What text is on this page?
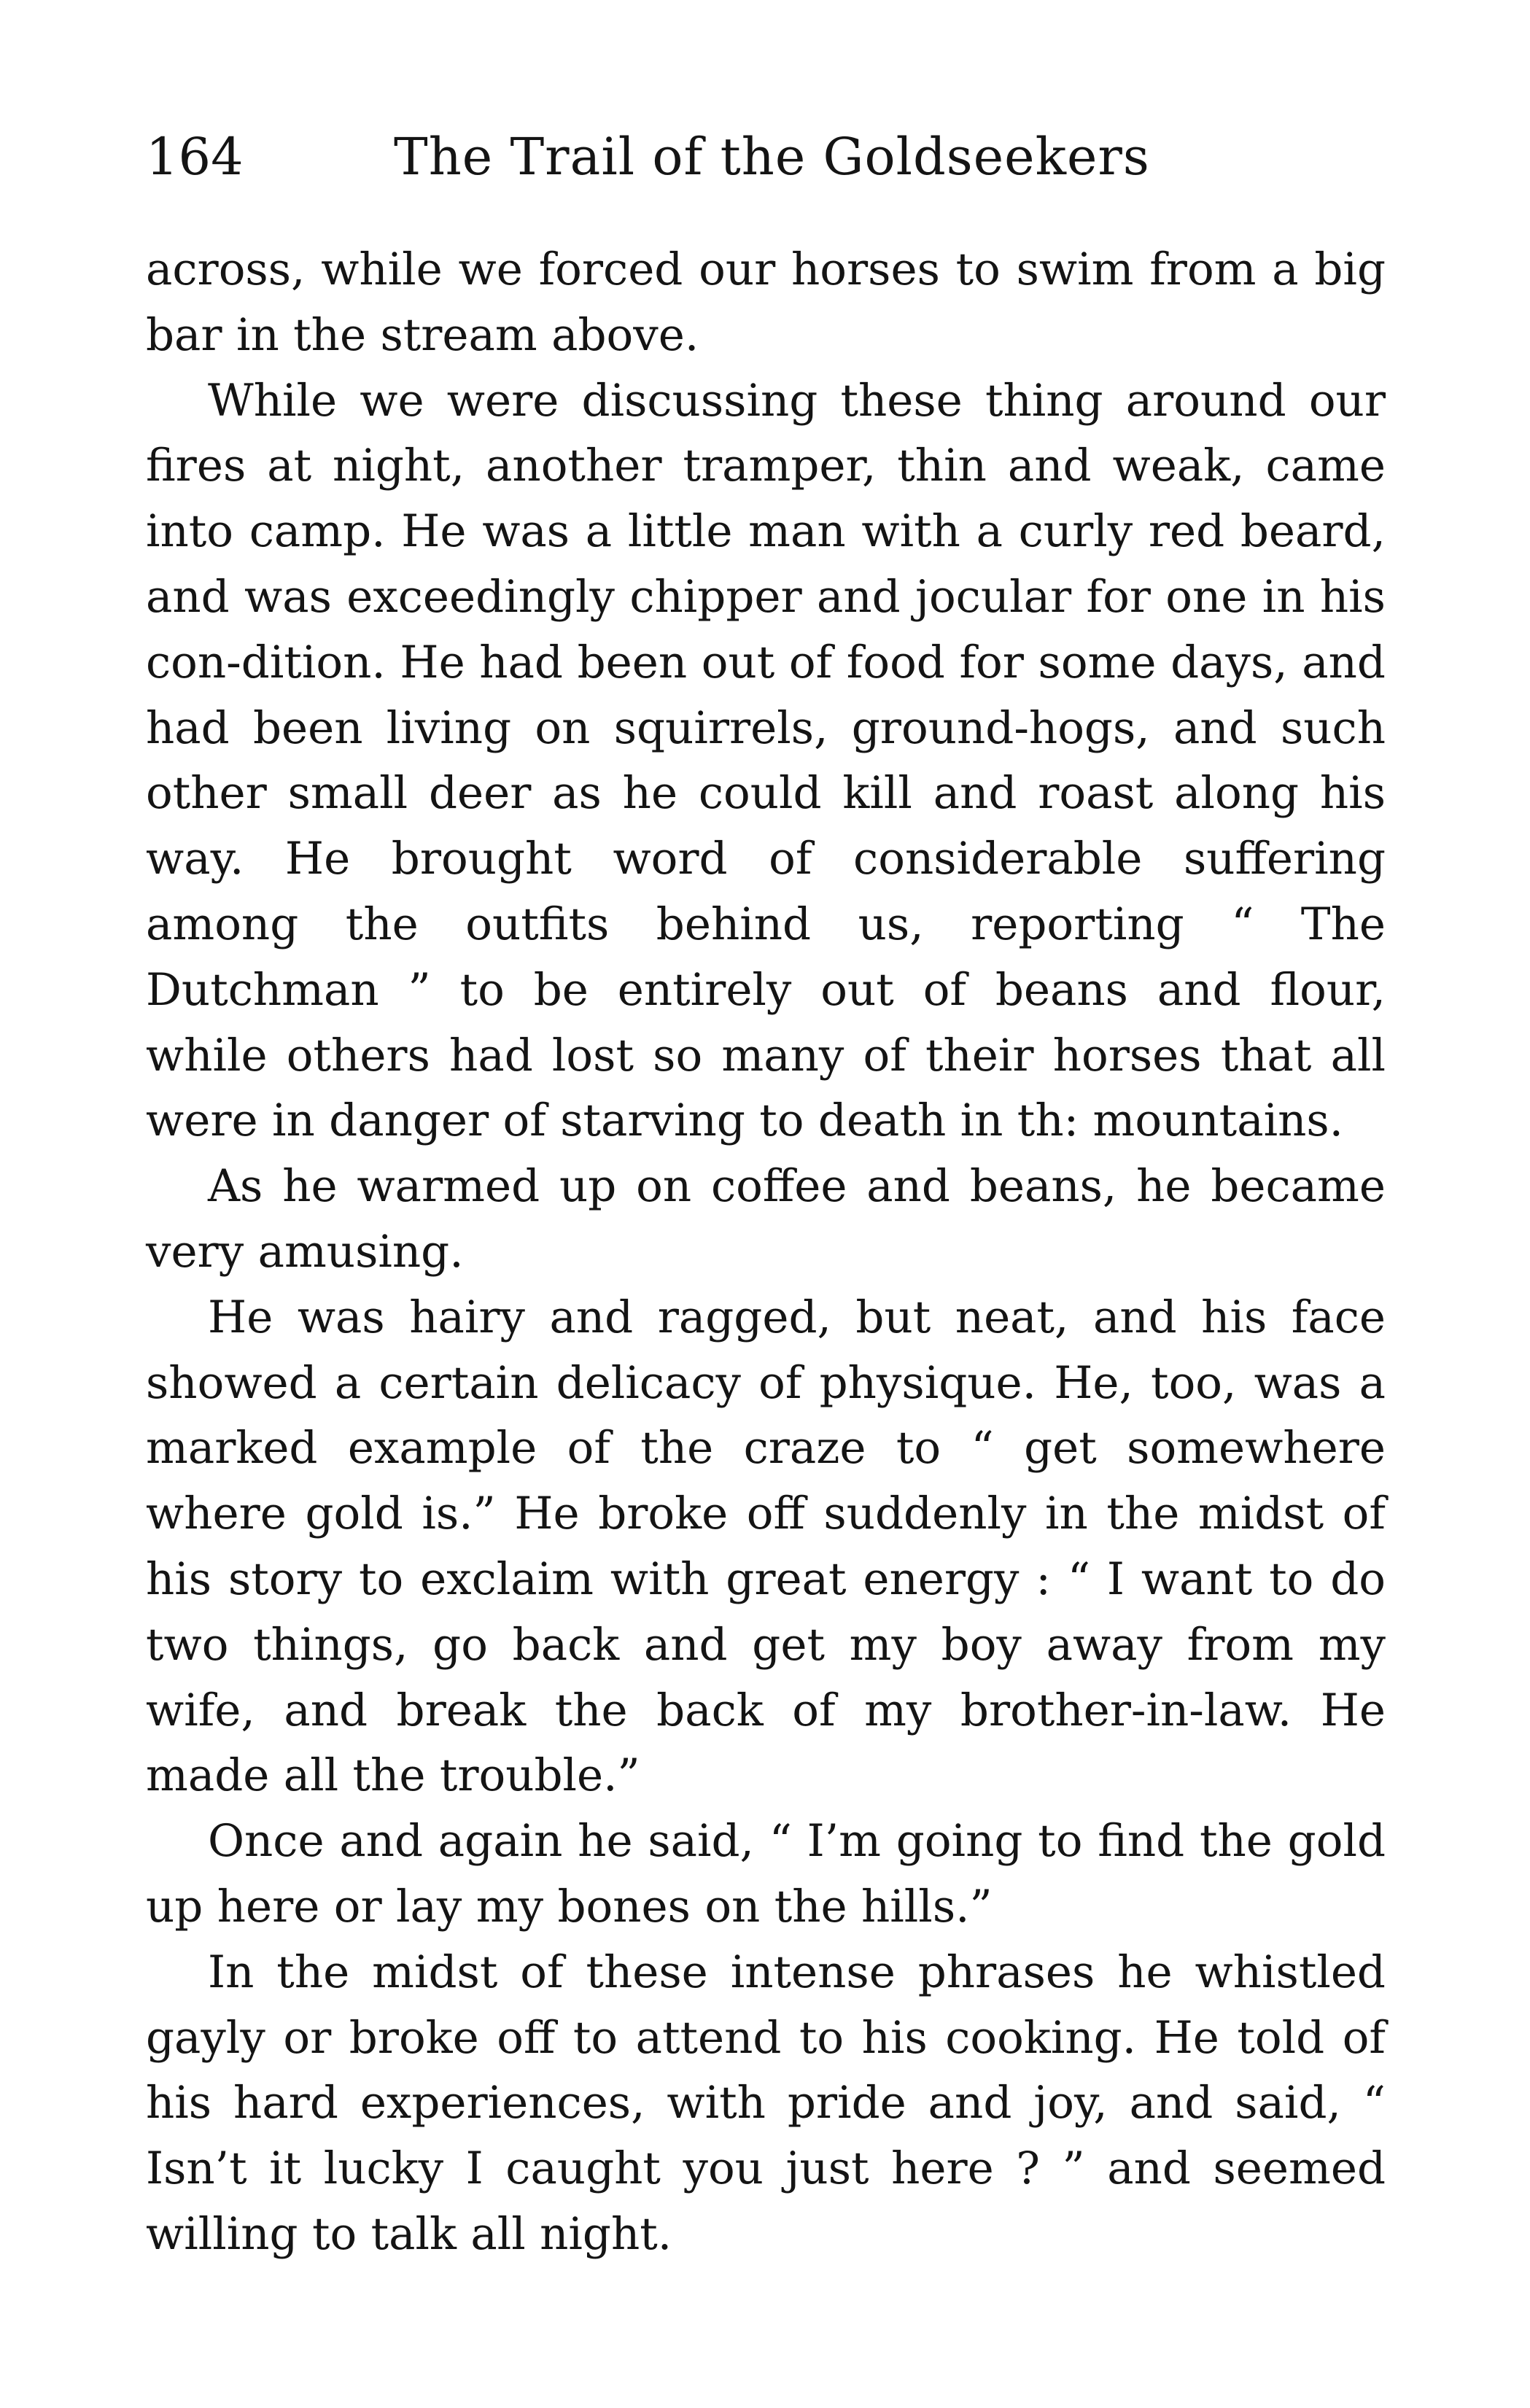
164	The Trail of the Goldseekers

across, while we forced our horses to swim from a big bar in the stream above.

While we were discussing these thing around our fires at night, another tramper, thin and weak, came into camp. He was a little man with a curly red beard, and was exceedingly chipper and jocular for one in his con-dition. He had been out of food for some days, and had been living on squirrels, ground-hogs, and such other small deer as he could kill and roast along his way. He brought word of considerable suffering among the outfits behind us, reporting “ The Dutchman ” to be entirely out of beans and flour, while others had lost so many of their horses that all were in danger of starving to death in th: mountains.

As he warmed up on coffee and beans, he became very amusing.

He was hairy and ragged, but neat, and his face showed a certain delicacy of physique. He, too, was a marked example of the craze to “ get somewhere where gold is.” He broke off suddenly in the midst of his story to exclaim with great energy : “ I want to do two things, go back and get my boy away from my wife, and break the back of my brother-in-law. He made all the trouble.”

Once and again he said, “ I’m going to find the gold up here or lay my bones on the hills.”

In the midst of these intense phrases he whistled gayly or broke off to attend to his cooking. He told of his hard experiences, with pride and joy, and said, “ Isn’t it lucky I caught you just here ? ” and seemed willing to talk all night.
